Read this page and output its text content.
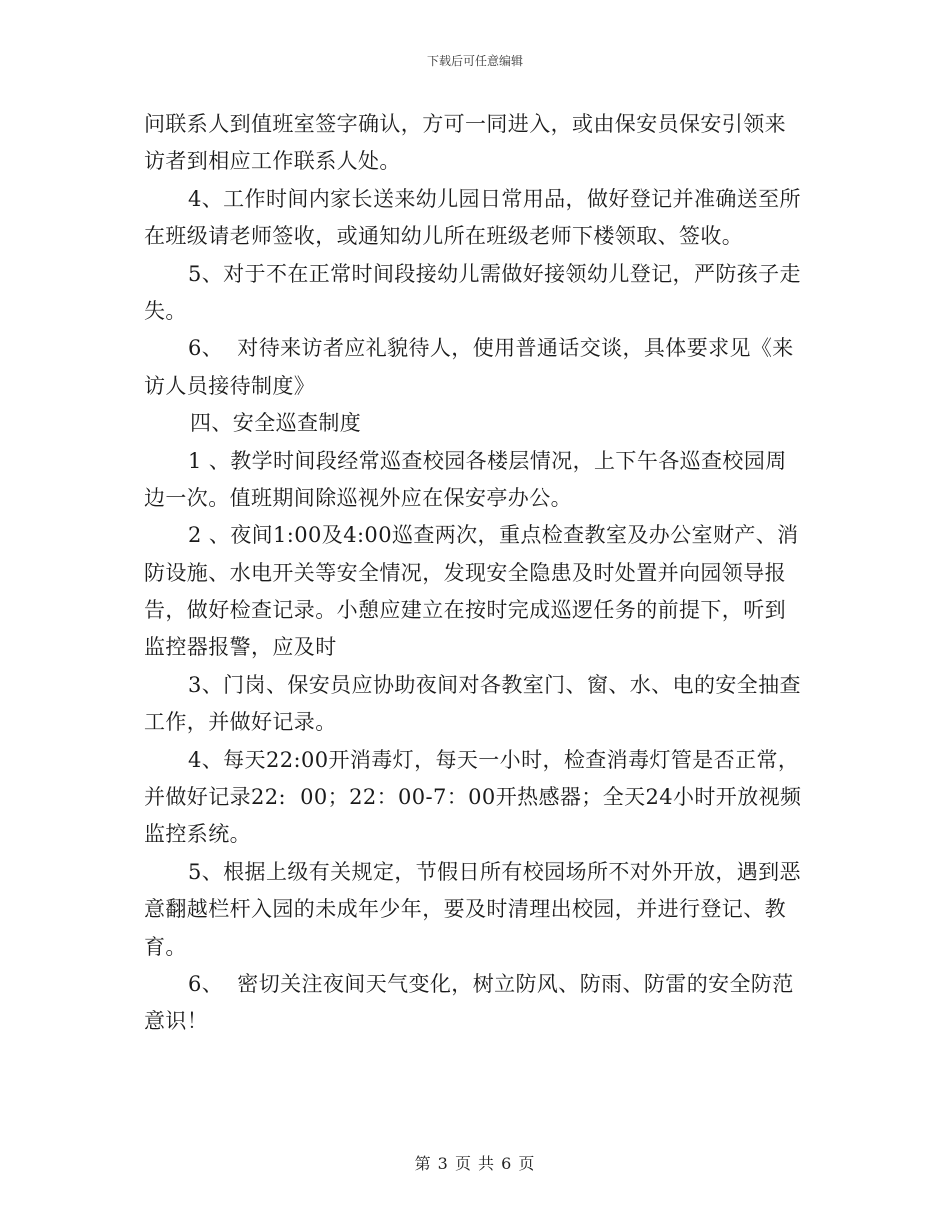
下载后可任意编辑
问联系人到值班室签字确认，方可一同进入，或由保安员保安引领来
访者到相应工作联系人处。
4、工作时间内家长送来幼儿园日常用品，做好登记并准确送至所
在班级请老师签收，或通知幼儿所在班级老师下楼领取、签收。
5、对于不在正常时间段接幼儿需做好接领幼儿登记，严防孩子走
失。
6、  对待来访者应礼貌待人，使用普通话交谈，具体要求见《来
访人员接待制度》
四、安全巡查制度
1 、教学时间段经常巡查校园各楼层情况，上下午各巡查校园周
边一次。值班期间除巡视外应在保安亭办公。
2 、夜间1:00及4:00巡查两次，重点检查教室及办公室财产、消
防设施、水电开关等安全情况，发现安全隐患及时处置并向园领导报
告，做好检查记录。小憩应建立在按时完成巡逻任务的前提下，听到
监控器报警，应及时
3、门岗、保安员应协助夜间对各教室门、窗、水、电的安全抽查
工作，并做好记录。
4、每天22:00开消毒灯，每天一小时，检查消毒灯管是否正常，
并做好记录22:  00；22：00-7：00开热感器；全天24小时开放视频
监控系统。
5、根据上级有关规定，节假日所有校园场所不对外开放，遇到恶
意翻越栏杆入园的未成年少年，要及时清理出校园，并进行登记、教
育。
6、  密切关注夜间天气变化，树立防风、防雨、防雷的安全防范
意识！
第 3 页 共 6 页
